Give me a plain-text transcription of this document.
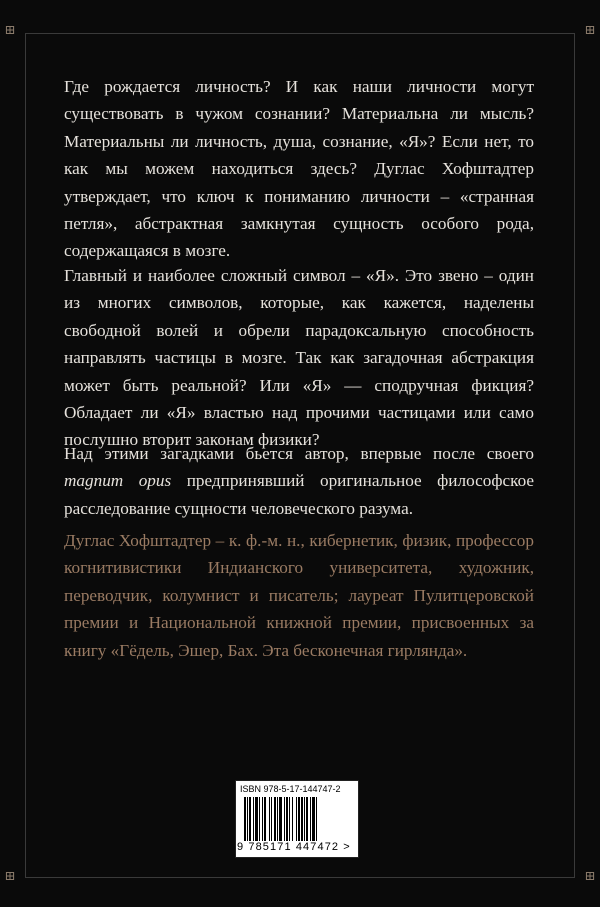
⊞	⊞
⊞	⊞

Где рождается личность? И как наши личности могут существовать в чужом сознании? Материальна ли мысль? Материальны ли личность, душа, сознание, «Я»? Если нет, то как мы можем находиться здесь? Дуглас Хофштадтер утверждает, что ключ к пониманию личности – «странная петля», абстрактная замкнутая сущность особого рода, содержащаяся в мозге.

Главный и наиболее сложный символ – «Я». Это звено – один из многих символов, которые, как кажется, наделены свободной волей и обрели парадоксальную способность направлять частицы в мозге. Так как загадочная абстракция может быть реальной? Или «Я» — сподручная фикция? Обладает ли «Я» властью над прочими частицами или само послушно вторит законам физики?

Над этими загадками бьется автор, впервые после своего magnum opus предпринявший оригинальное философское расследование сущности человеческого разума.

Дуглас Хофштадтер – к. ф.-м. н., кибернетик, физик, профессор когнитивистики Индианского университета, художник, переводчик, колумнист и писатель; лауреат Пулитцеровской премии и Национальной книжной премии, присвоенных за книгу «Гёдель, Эшер, Бах. Эта бесконечная гирлянда».

ISBN 978-5-17-144747-2
9 785171 447472 >
